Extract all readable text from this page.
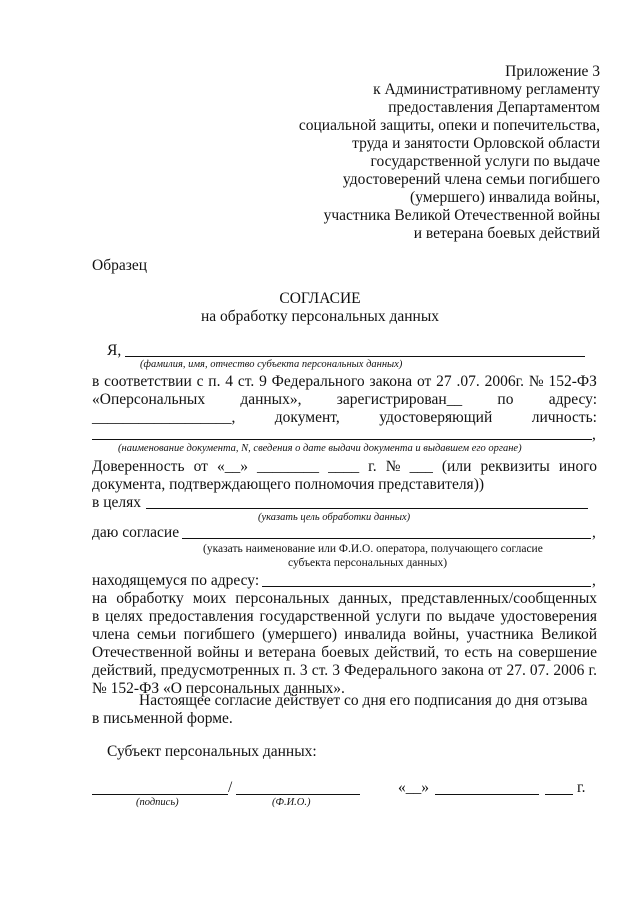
Приложение 3
к Административному регламенту
предоставления Департаментом
социальной защиты, опеки и попечительства,
труда и занятости Орловской области
государственной услуги по выдаче
удостоверений члена семьи погибшего
(умершего) инвалида войны,
участника Великой Отечественной войны
и ветерана боевых действий
Образец
СОГЛАСИЕ
на обработку персональных данных
Я,
(фамилия, имя, отчество субъекта персональных данных)
в соответствии с п. 4 ст. 9 Федерального закона от 27 .07. 2006г. № 152-ФЗ
«Оперсональных данных», зарегистрирован__ по адресу:
__________________,	документ,	удостоверяющий	личность:
,
(наименование документа, N, сведения о дате выдачи документа и выдавшем его органе)
Доверенность от «__» ________ ____ г. № ___ (или реквизиты иного
документа, подтверждающего полномочия представителя))
в целях
(указать цель обработки данных)
даю согласие	,
(указать наименование или Ф.И.О. оператора, получающего согласие
субъекта персональных данных)
находящемуся по адресу:	,
на обработку моих персональных данных, представленных/сообщенных
в целях предоставления государственной услуги по выдаче удостоверения
члена семьи погибшего (умершего) инвалида войны, участника Великой
Отечественной войны и ветерана боевых действий, то есть на совершение
действий, предусмотренных п. 3 ст. 3 Федерального закона от 27. 07. 2006 г.
№ 152-ФЗ «О персональных данных».
Настоящее согласие действует со дня его подписания до дня отзыва
в письменной форме.
Субъект персональных данных:
/
(подпись)	(Ф.И.О.)
«__»	г.
